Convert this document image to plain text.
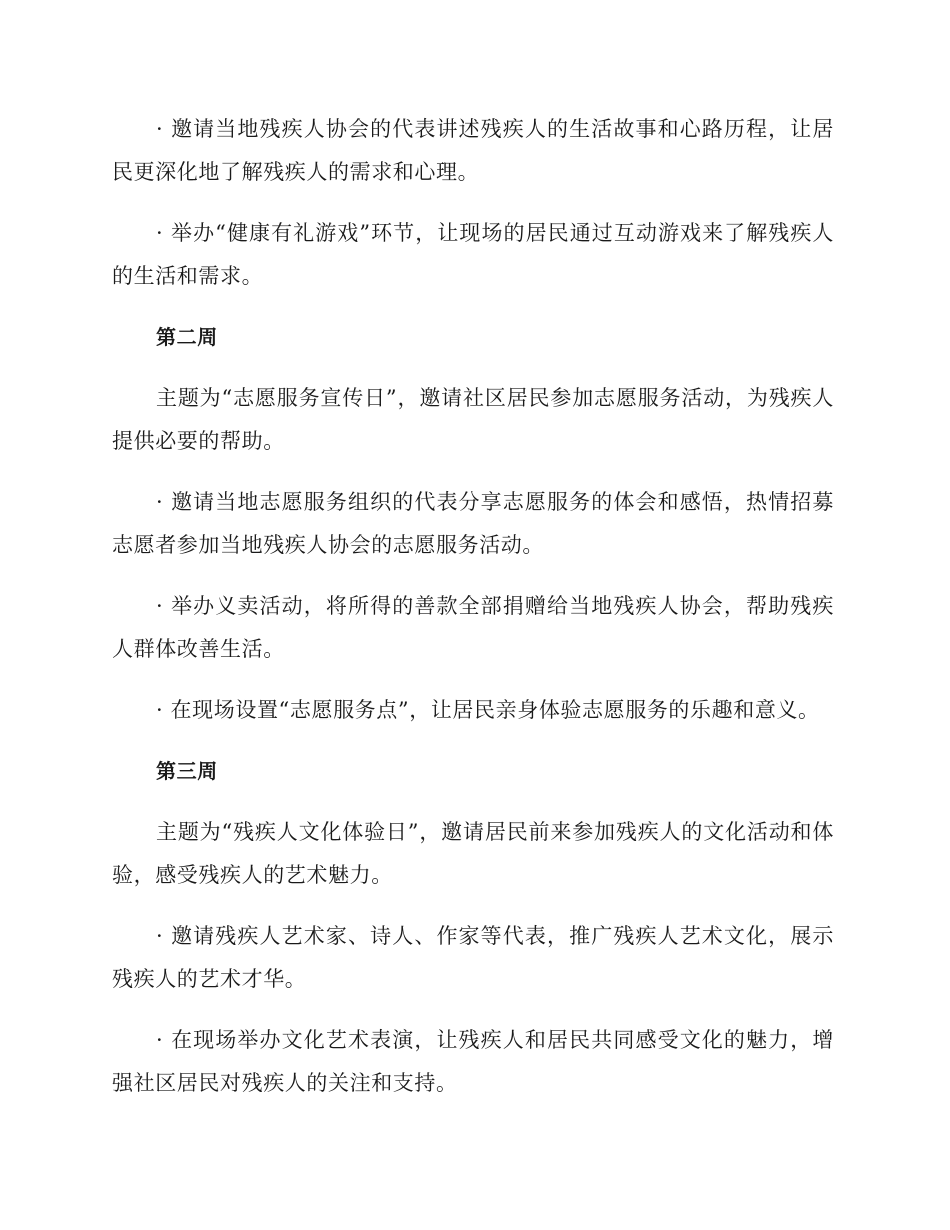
· 邀请当地残疾人协会的代表讲述残疾人的生活故事和心路历程，让居民更深化地了解残疾人的需求和心理。

· 举办“健康有礼游戏”环节，让现场的居民通过互动游戏来了解残疾人的生活和需求。

第二周

主题为“志愿服务宣传日”，邀请社区居民参加志愿服务活动，为残疾人提供必要的帮助。

· 邀请当地志愿服务组织的代表分享志愿服务的体会和感悟，热情招募志愿者参加当地残疾人协会的志愿服务活动。

· 举办义卖活动，将所得的善款全部捐赠给当地残疾人协会，帮助残疾人群体改善生活。

· 在现场设置“志愿服务点”，让居民亲身体验志愿服务的乐趣和意义。

第三周

主题为“残疾人文化体验日”，邀请居民前来参加残疾人的文化活动和体验，感受残疾人的艺术魅力。

· 邀请残疾人艺术家、诗人、作家等代表，推广残疾人艺术文化，展示残疾人的艺术才华。

· 在现场举办文化艺术表演，让残疾人和居民共同感受文化的魅力，增强社区居民对残疾人的关注和支持。
